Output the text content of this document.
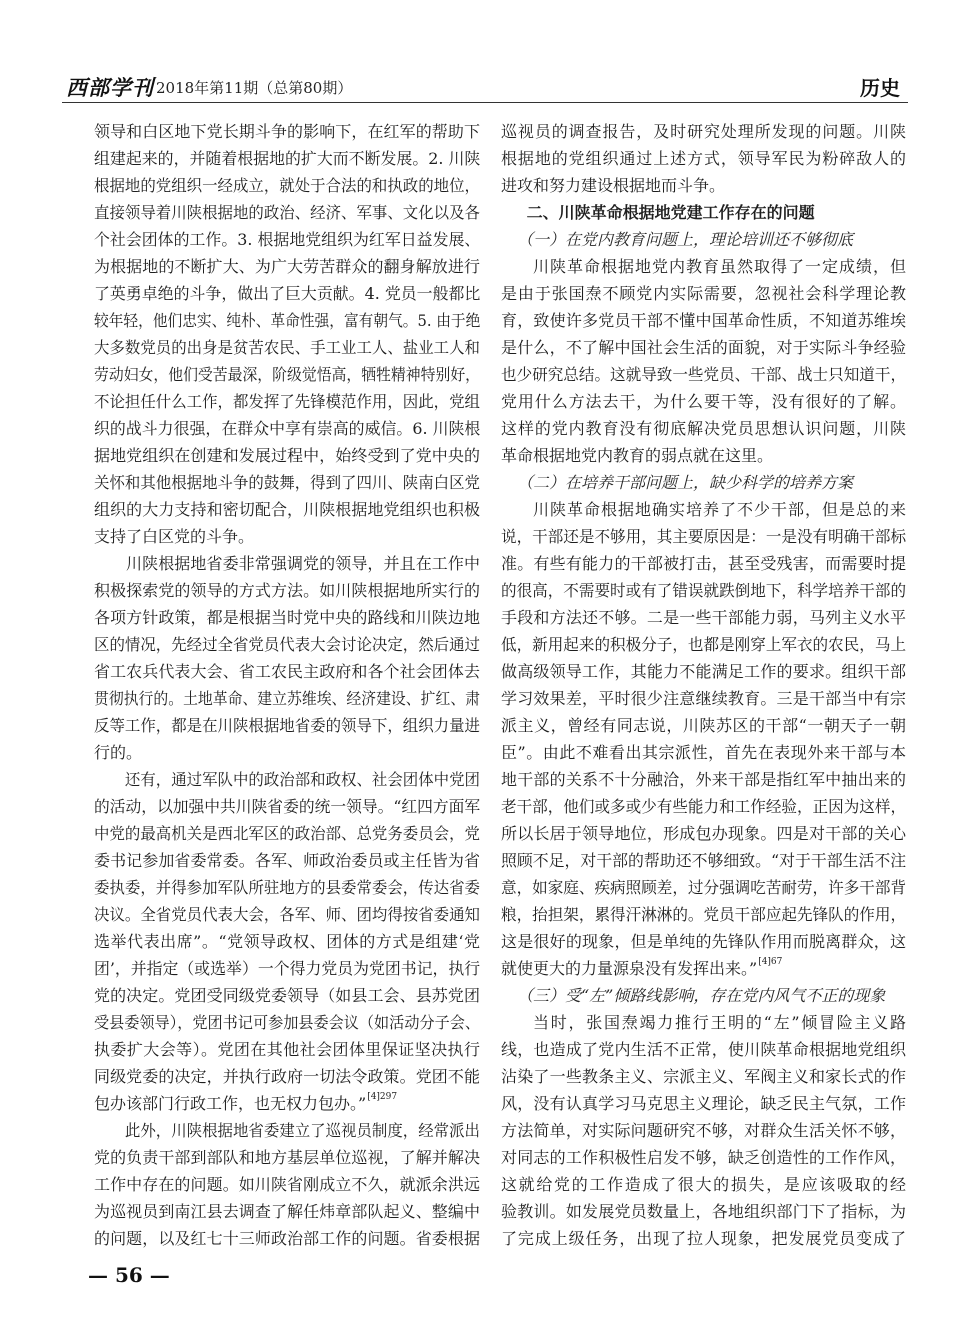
西部学刊 2018年第11期（总第80期）	历史
领导和白区地下党长期斗争的影响下，在红军的帮助下
组建起来的，并随着根据地的扩大而不断发展。2. 川陕
根据地的党组织一经成立，就处于合法的和执政的地位，
直接领导着川陕根据地的政治、经济、军事、文化以及各
个社会团体的工作。3. 根据地党组织为红军日益发展、
为根据地的不断扩大、为广大劳苦群众的翻身解放进行
了英勇卓绝的斗争，做出了巨大贡献。4. 党员一般都比
较年轻，他们忠实、纯朴、革命性强，富有朝气。5. 由于绝
大多数党员的出身是贫苦农民、手工业工人、盐业工人和
劳动妇女，他们受苦最深，阶级觉悟高，牺牲精神特别好，
不论担任什么工作，都发挥了先锋模范作用，因此，党组
织的战斗力很强，在群众中享有崇高的威信。6. 川陕根
据地党组织在创建和发展过程中，始终受到了党中央的
关怀和其他根据地斗争的鼓舞，得到了四川、陕南白区党
组织的大力支持和密切配合，川陕根据地党组织也积极
支持了白区党的斗争。
川陕根据地省委非常强调党的领导，并且在工作中
积极探索党的领导的方式方法。如川陕根据地所实行的
各项方针政策，都是根据当时党中央的路线和川陕边地
区的情况，先经过全省党员代表大会讨论决定，然后通过
省工农兵代表大会、省工农民主政府和各个社会团体去
贯彻执行的。土地革命、建立苏维埃、经济建设、扩红、肃
反等工作，都是在川陕根据地省委的领导下，组织力量进
行的。
还有，通过军队中的政治部和政权、社会团体中党团
的活动，以加强中共川陕省委的统一领导。“红四方面军
中党的最高机关是西北军区的政治部、总党务委员会，党
委书记参加省委常委。各军、师政治委员或主任皆为省
委执委，并得参加军队所驻地方的县委常委会，传达省委
决议。全省党员代表大会，各军、师、团均得按省委通知
选举代表出席”。“党领导政权、团体的方式是组建‘党
团’，并指定（或选举）一个得力党员为党团书记，执行
党的决定。党团受同级党委领导（如县工会、县苏党团
受县委领导），党团书记可参加县委会议（如活动分子会、
执委扩大会等）。党团在其他社会团体里保证坚决执行
同级党委的决定，并执行政府一切法令政策。党团不能
包办该部门行政工作，也无权力包办。”$^{[4]297}$
此外，川陕根据地省委建立了巡视员制度，经常派出
党的负责干部到部队和地方基层单位巡视，了解并解决
工作中存在的问题。如川陕省刚成立不久，就派余洪远
为巡视员到南江县去调查了解任炜章部队起义、整编中
的问题，以及红七十三师政治部工作的问题。省委根据
巡视员的调查报告，及时研究处理所发现的问题。川陕
根据地的党组织通过上述方式，领导军民为粉碎敌人的
进攻和努力建设根据地而斗争。
二、川陕革命根据地党建工作存在的问题
（一）在党内教育问题上，理论培训还不够彻底
川陕革命根据地党内教育虽然取得了一定成绩，但
是由于张国焘不顾党内实际需要，忽视社会科学理论教
育，致使许多党员干部不懂中国革命性质，不知道苏维埃
是什么，不了解中国社会生活的面貌，对于实际斗争经验
也少研究总结。这就导致一些党员、干部、战士只知道干，
党用什么方法去干，为什么要干等，没有很好的了解。
这样的党内教育没有彻底解决党员思想认识问题，川陕
革命根据地党内教育的弱点就在这里。
（二）在培养干部问题上，缺少科学的培养方案
川陕革命根据地确实培养了不少干部，但是总的来
说，干部还是不够用，其主要原因是：一是没有明确干部标
准。有些有能力的干部被打击，甚至受残害，而需要时提
的很高，不需要时或有了错误就跌倒地下，科学培养干部的
手段和方法还不够。二是一些干部能力弱，马列主义水平
低，新用起来的积极分子，也都是刚穿上军衣的农民，马上
做高级领导工作，其能力不能满足工作的要求。组织干部
学习效果差，平时很少注意继续教育。三是干部当中有宗
派主义，曾经有同志说，川陕苏区的干部“一朝天子一朝
臣”。由此不难看出其宗派性，首先在表现外来干部与本
地干部的关系不十分融洽，外来干部是指红军中抽出来的
老干部，他们或多或少有些能力和工作经验，正因为这样，
所以长居于领导地位，形成包办现象。四是对干部的关心
照顾不足，对干部的帮助还不够细致。“对于干部生活不注
意，如家庭、疾病照顾差，过分强调吃苦耐劳，许多干部背
粮，抬担架，累得汗淋淋的。党员干部应起先锋队的作用，
这是很好的现象，但是单纯的先锋队作用而脱离群众，这
就使更大的力量源泉没有发挥出来。”$^{[4]67}$
（三）受“左”倾路线影响，存在党内风气不正的现象
当时，张国焘竭力推行王明的“左”倾冒险主义路
线，也造成了党内生活不正常，使川陕革命根据地党组织
沾染了一些教条主义、宗派主义、军阀主义和家长式的作
风，没有认真学习马克思主义理论，缺乏民主气氛，工作
方法简单，对实际问题研究不够，对群众生活关怀不够，
对同志的工作积极性启发不够，缺乏创造性的工作作风，
这就给党的工作造成了很大的损失，是应该吸取的经
验教训。如发展党员数量上，各地组织部门下了指标，为
了完成上级任务，出现了拉人现象，把发展党员变成了
— 56 —
